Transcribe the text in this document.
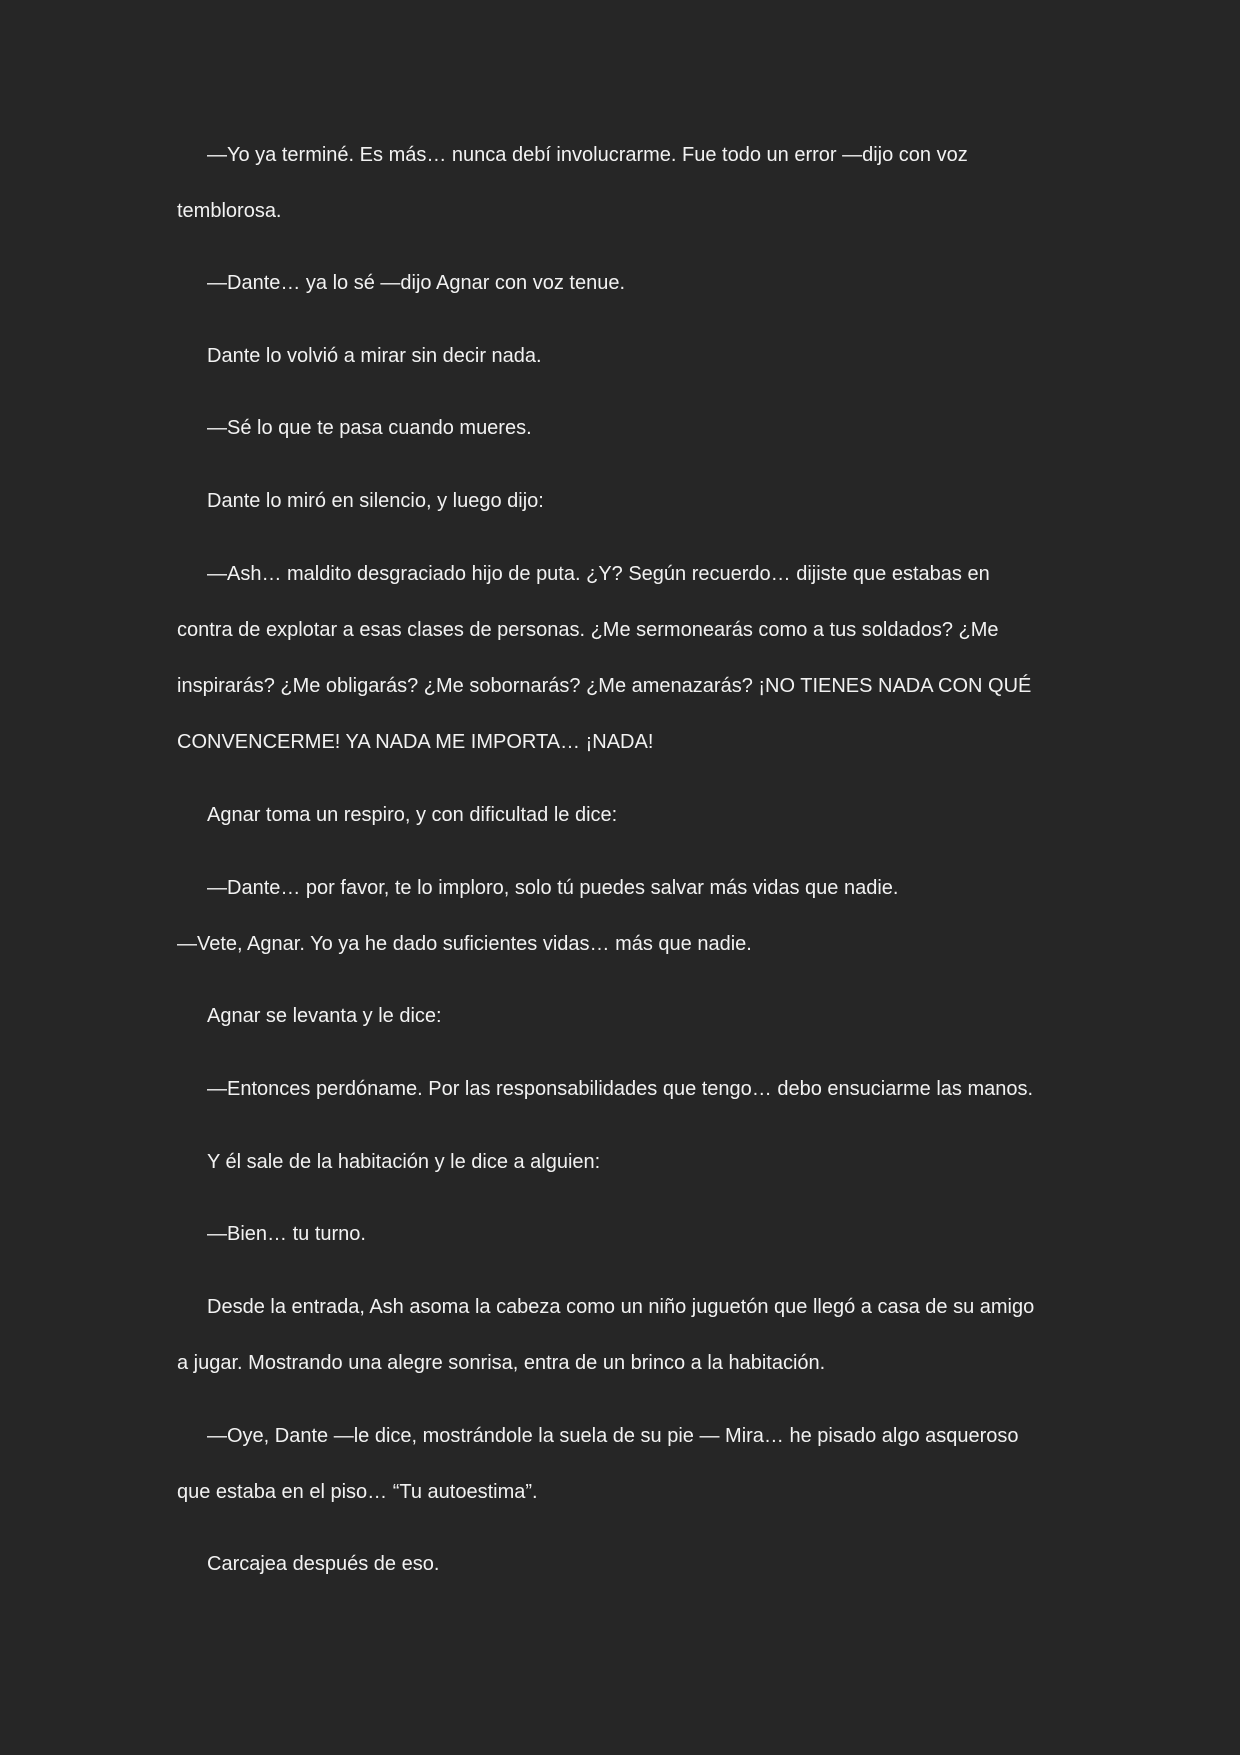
—Yo ya terminé. Es más… nunca debí involucrarme. Fue todo un error —dijo con voz
temblorosa.
—Dante… ya lo sé —dijo Agnar con voz tenue.
Dante lo volvió a mirar sin decir nada.
—Sé lo que te pasa cuando mueres.
Dante lo miró en silencio, y luego dijo:
—Ash… maldito desgraciado hijo de puta. ¿Y? Según recuerdo… dijiste que estabas en
contra de explotar a esas clases de personas. ¿Me sermonearás como a tus soldados? ¿Me
inspirarás? ¿Me obligarás? ¿Me sobornarás? ¿Me amenazarás? ¡NO TIENES NADA CON QUÉ
CONVENCERME! YA NADA ME IMPORTA… ¡NADA!
Agnar toma un respiro, y con dificultad le dice:
—Dante… por favor, te lo imploro, solo tú puedes salvar más vidas que nadie.
—Vete, Agnar. Yo ya he dado suficientes vidas… más que nadie.
Agnar se levanta y le dice:
—Entonces perdóname. Por las responsabilidades que tengo… debo ensuciarme las manos.
Y él sale de la habitación y le dice a alguien:
—Bien… tu turno.
Desde la entrada, Ash asoma la cabeza como un niño juguetón que llegó a casa de su amigo
a jugar. Mostrando una alegre sonrisa, entra de un brinco a la habitación.
—Oye, Dante —le dice, mostrándole la suela de su pie — Mira… he pisado algo asqueroso
que estaba en el piso… “Tu autoestima”.
Carcajea después de eso.
